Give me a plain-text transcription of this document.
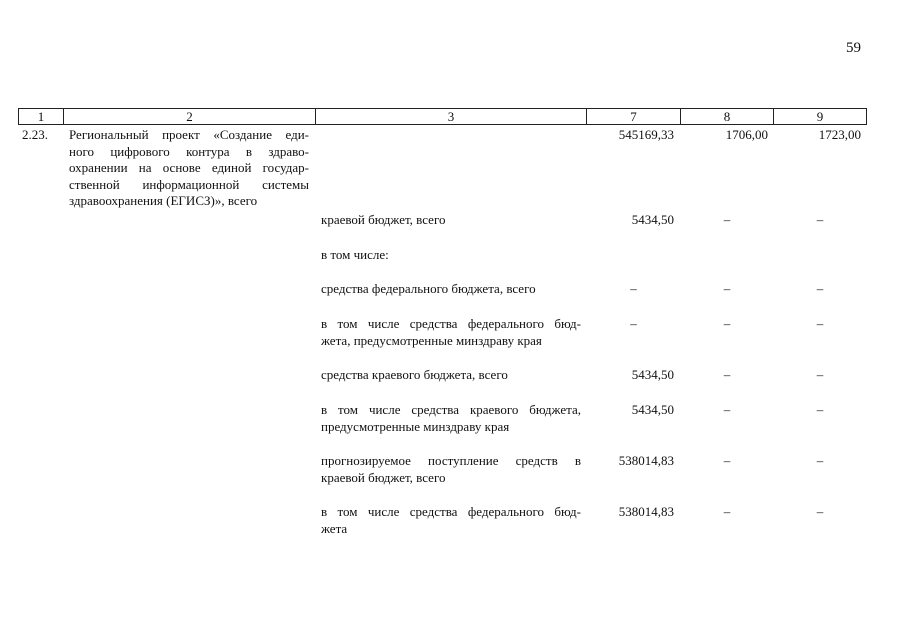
59
1	2	3	7	8	9
2.23. Региональный проект «Создание еди-
ного цифрового контура в здраво-
охранении на основе единой государ-
ственной информационной системы
здравоохранения (ЕГИСЗ)», всего
545169,33	1706,00	1723,00
краевой бюджет, всего	5434,50	–	–
в том числе:
средства федерального бюджета, всего	–	–	–
в том числе средства федерального бюд-
жета, предусмотренные минздраву края
–	–	–
средства краевого бюджета, всего	5434,50	–	–
в том числе средства краевого бюджета,
предусмотренные минздраву края
5434,50	–	–
прогнозируемое поступление средств в
краевой бюджет, всего
538014,83	–	–
в том числе средства федерального бюд-
жета
538014,83	–	–
